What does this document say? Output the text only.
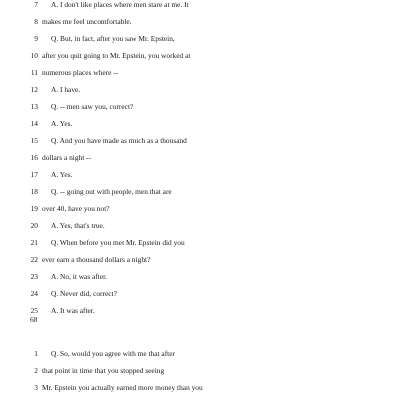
7 A. I don't like places where men stare at me. It
8 makes me feel uncomfortable.
9 Q. But, in fact, after you saw Mr. Epstein,
10 after you quit going to Mr. Epstein, you worked at
11 numerous places where --
12 A. I have.
13 Q. -- men saw you, correct?
14 A. Yes.
15 Q. And you have made as much as a thousand
16 dollars a night --
17 A. Yes.
18 Q. -- going out with people, men that are
19 over 40, have you not?
20 A. Yes, that's true.
21 Q. When before you met Mr. Epstein did you
22 ever earn a thousand dollars a night?
23 A. No, it was after.
24 Q. Never did, correct?
25 A. It was after.
68
1 Q. So, would you agree with me that after
2 that point in time that you stopped seeing
3 Mr. Epstein you actually earned more money than you
